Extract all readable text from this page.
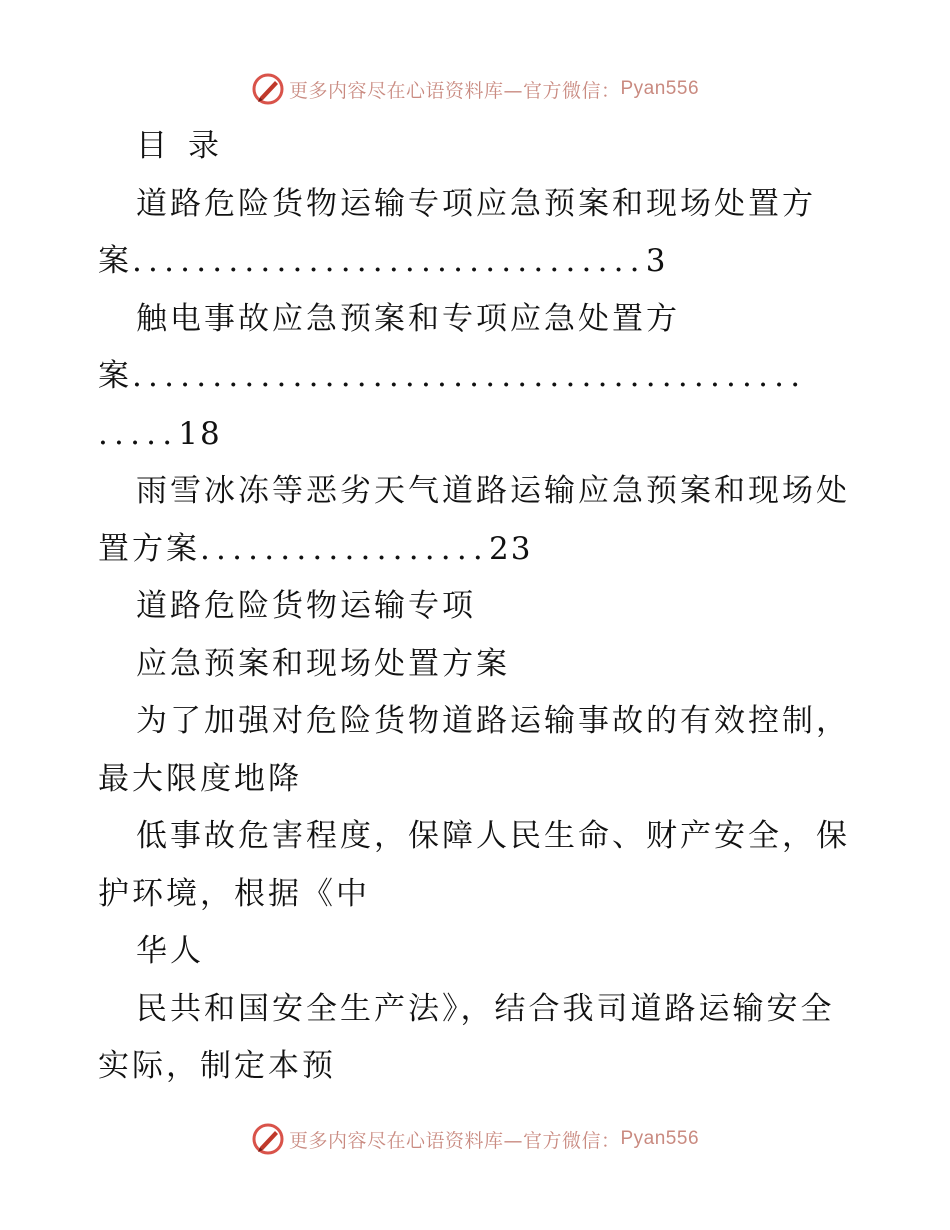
更多内容尽在心语资料库—官方微信： Pyan556
目 录
道路危险货物运输专项应急预案和现场处置方
案................................3
触电事故应急预案和专项应急处置方
案..........................................
.....18
雨雪冰冻等恶劣天气道路运输应急预案和现场处
置方案..................23
道路危险货物运输专项
应急预案和现场处置方案
为了加强对危险货物道路运输事故的有效控制，
最大限度地降
低事故危害程度，保障人民生命、财产安全，保
护环境，根据《中
华人
民共和国安全生产法》，结合我司道路运输安全
实际，制定本预
更多内容尽在心语资料库—官方微信： Pyan556
